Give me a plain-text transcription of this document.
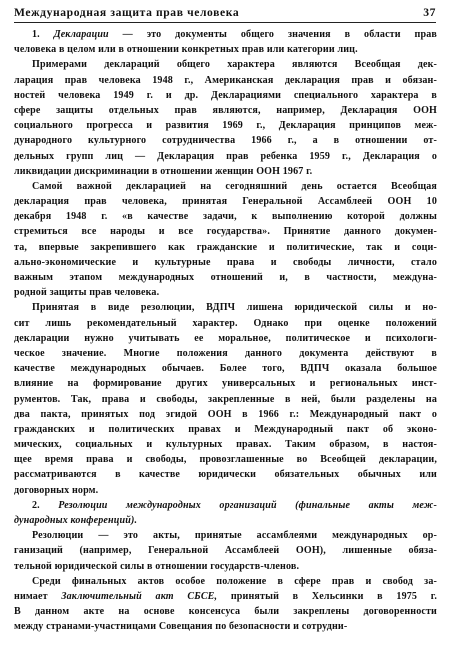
Международная защита прав человека	37
1. Декларации — это документы общего значения в области прав
человека в целом или в отношении конкретных прав или категории лиц.
Примерами деклараций общего характера являются Всеобщая дек-
ларация прав человека 1948 г., Американская декларация прав и обязан-
ностей человека 1949 г. и др. Декларациями специального характера в
сфере защиты отдельных прав являются, например, Декларация ООН
социального прогресса и развития 1969 г., Декларация принципов меж-
дународного культурного сотрудничества 1966 г., а в отношении от-
дельных групп лиц — Декларация прав ребенка 1959 г., Декларация о
ликвидации дискриминации в отношении женщин ООН 1967 г.
Самой важной декларацией на сегодняшний день остается Всеобщая
декларация прав человека, принятая Генеральной Ассамблеей ООН 10
декабря 1948 г. «в качестве задачи, к выполнению которой должны
стремиться все народы и все государства». Принятие данного докумен-
та, впервые закрепившего как гражданские и политические, так и соци-
ально-экономические и культурные права и свободы личности, стало
важным этапом международных отношений и, в частности, междуна-
родной защиты прав человека.
Принятая в виде резолюции, ВДПЧ лишена юридической силы и но-
сит лишь рекомендательный характер. Однако при оценке положений
декларации нужно учитывать ее моральное, политическое и психологи-
ческое значение. Многие положения данного документа действуют в
качестве международных обычаев. Более того, ВДПЧ оказала большое
влияние на формирование других универсальных и региональных инст-
рументов. Так, права и свободы, закрепленные в ней, были разделены на
два пакта, принятых под эгидой ООН в 1966 г.: Международный пакт о
гражданских и политических правах и Международный пакт об эконо-
мических, социальных и культурных правах. Таким образом, в настоя-
щее время права и свободы, провозглашенные во Всеобщей декларации,
рассматриваются в качестве юридически обязательных обычных или
договорных норм.
2. Резолюции международных организаций (финальные акты меж-
дународных конференций).
Резолюции — это акты, принятые ассамблеями международных ор-
ганизаций (например, Генеральной Ассамблеей ООН), лишенные обяза-
тельной юридической силы в отношении государств-членов.
Среди финальных актов особое положение в сфере прав и свобод за-
нимает Заключительный акт СБСЕ, принятый в Хельсинки в 1975 г.
В данном акте на основе консенсуса были закреплены договоренности
между странами-участницами Совещания по безопасности и сотрудни-
